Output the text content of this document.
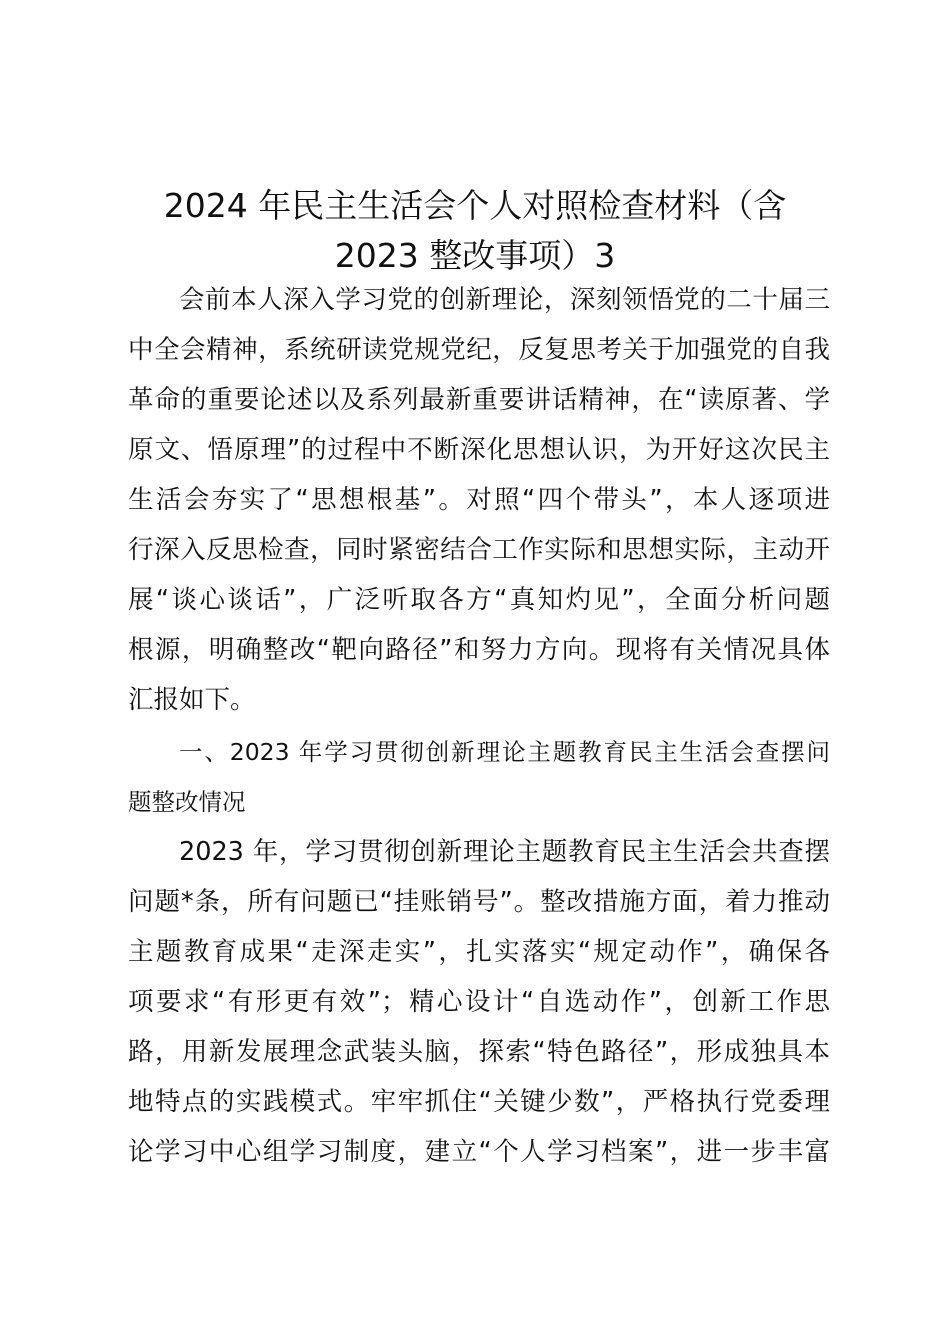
2024 年民主生活会个人对照检查材料（含
2023 整改事项）3
会前本人深入学习党的创新理论，深刻领悟党的二十届三
中全会精神，系统研读党规党纪，反复思考关于加强党的自我
革命的重要论述以及系列最新重要讲话精神，在“读原著、学
原文、悟原理”的过程中不断深化思想认识，为开好这次民主
生活会夯实了“思想根基”。对照“四个带头”，本人逐项进
行深入反思检查，同时紧密结合工作实际和思想实际，主动开
展“谈心谈话”，广泛听取各方“真知灼见”，全面分析问题
根源，明确整改“靶向路径”和努力方向。现将有关情况具体
汇报如下。
一、2023 年学习贯彻创新理论主题教育民主生活会查摆问
题整改情况
2023 年，学习贯彻创新理论主题教育民主生活会共查摆
问题*条，所有问题已“挂账销号”。整改措施方面，着力推动
主题教育成果“走深走实”，扎实落实“规定动作”，确保各
项要求“有形更有效”；精心设计“自选动作”，创新工作思
路，用新发展理念武装头脑，探索“特色路径”，形成独具本
地特点的实践模式。牢牢抓住“关键少数”，严格执行党委理
论学习中心组学习制度，建立“个人学习档案”，进一步丰富
